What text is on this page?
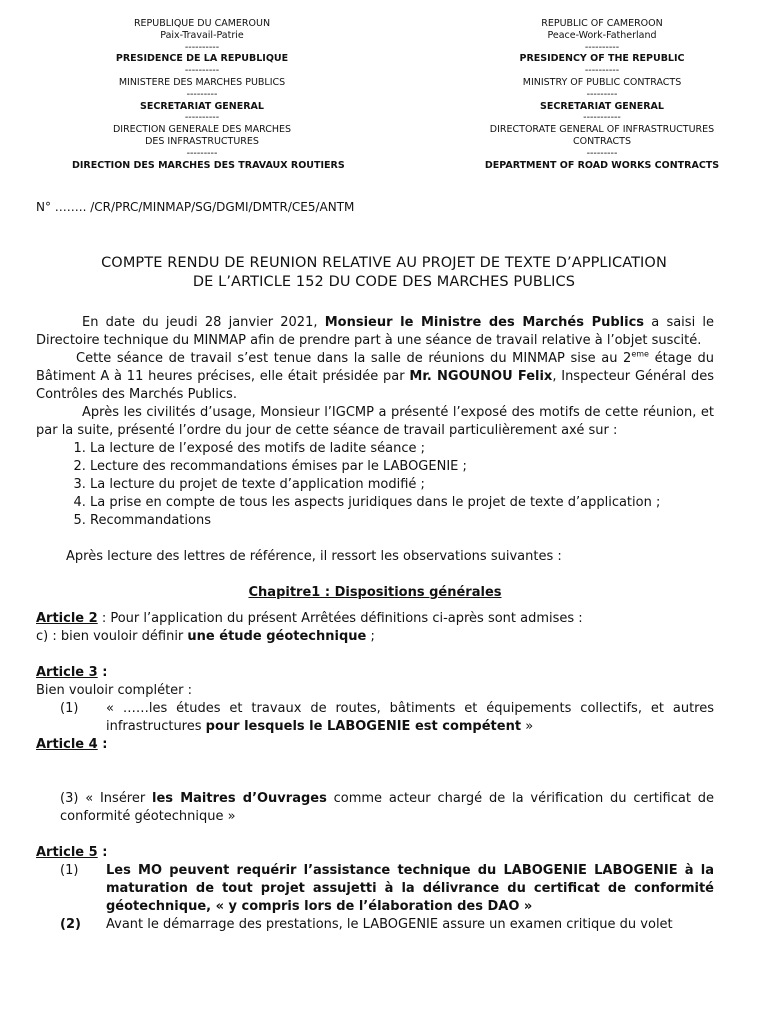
REPUBLIQUE DU CAMEROUN
Paix-Travail-Patrie
----------
PRESIDENCE DE LA REPUBLIQUE
----------
MINISTERE DES MARCHES PUBLICS
---------
SECRETARIAT GENERAL
----------
DIRECTION GENERALE DES MARCHES
DES INFRASTRUCTURES
---------
DIRECTION DES MARCHES DES TRAVAUX ROUTIERS
REPUBLIC OF CAMEROON
Peace-Work-Fatherland
----------
PRESIDENCY OF THE REPUBLIC
----------
MINISTRY OF PUBLIC CONTRACTS
---------
SECRETARIAT GENERAL
-----------
DIRECTORATE GENERAL OF INFRASTRUCTURES
CONTRACTS
---------
DEPARTMENT OF ROAD WORKS CONTRACTS
N° …….. /CR/PRC/MINMAP/SG/DGMI/DMTR/CE5/ANTM
COMPTE RENDU DE REUNION RELATIVE AU PROJET DE TEXTE D’APPLICATION
DE L’ARTICLE 152 DU CODE DES MARCHES PUBLICS

En date du jeudi 28 janvier 2021, Monsieur le Ministre des Marchés Publics a saisi le Directoire technique du MINMAP afin de prendre part à une séance de travail relative à l’objet suscité.

Cette séance de travail s’est tenue dans la salle de réunions du MINMAP sise au 2eme étage du Bâtiment A à 11 heures précises, elle était présidée par Mr. NGOUNOU Felix, Inspecteur Général des Contrôles des Marchés Publics.

Après les civilités d’usage, Monsieur l’IGCMP a présenté l’exposé des motifs de cette réunion, et par la suite, présenté l’ordre du jour de cette séance de travail particulièrement axé sur :

1. La lecture de l’exposé des motifs de ladite séance ;
2. Lecture des recommandations émises par le LABOGENIE ;
3. La lecture du projet de texte d’application modifié ;
4. La prise en compte de tous les aspects juridiques dans le projet de texte d’application ;
5. Recommandations

Après lecture des lettres de référence, il ressort les observations suivantes :

Chapitre1 : Dispositions générales

Article 2 : Pour l’application du présent Arrêtées définitions ci-après sont admises :

c) : bien vouloir définir une étude géotechnique ;

Article 3 :

Bien vouloir compléter :

(1)	« ……les études et travaux de routes, bâtiments et équipements collectifs, et autres infrastructures pour lesquels le LABOGENIE est compétent »

Article 4 :

(3) « Insérer les Maitres d’Ouvrages comme acteur chargé de la vérification du certificat de conformité géotechnique »

Article 5 :

(1)	Les MO peuvent requérir l’assistance technique du LABOGENIE LABOGENIE à la maturation de tout projet assujetti à la délivrance du certificat de conformité géotechnique, « y compris lors de l’élaboration des DAO »
(2)	Avant le démarrage des prestations, le LABOGENIE assure un examen critique du volet
